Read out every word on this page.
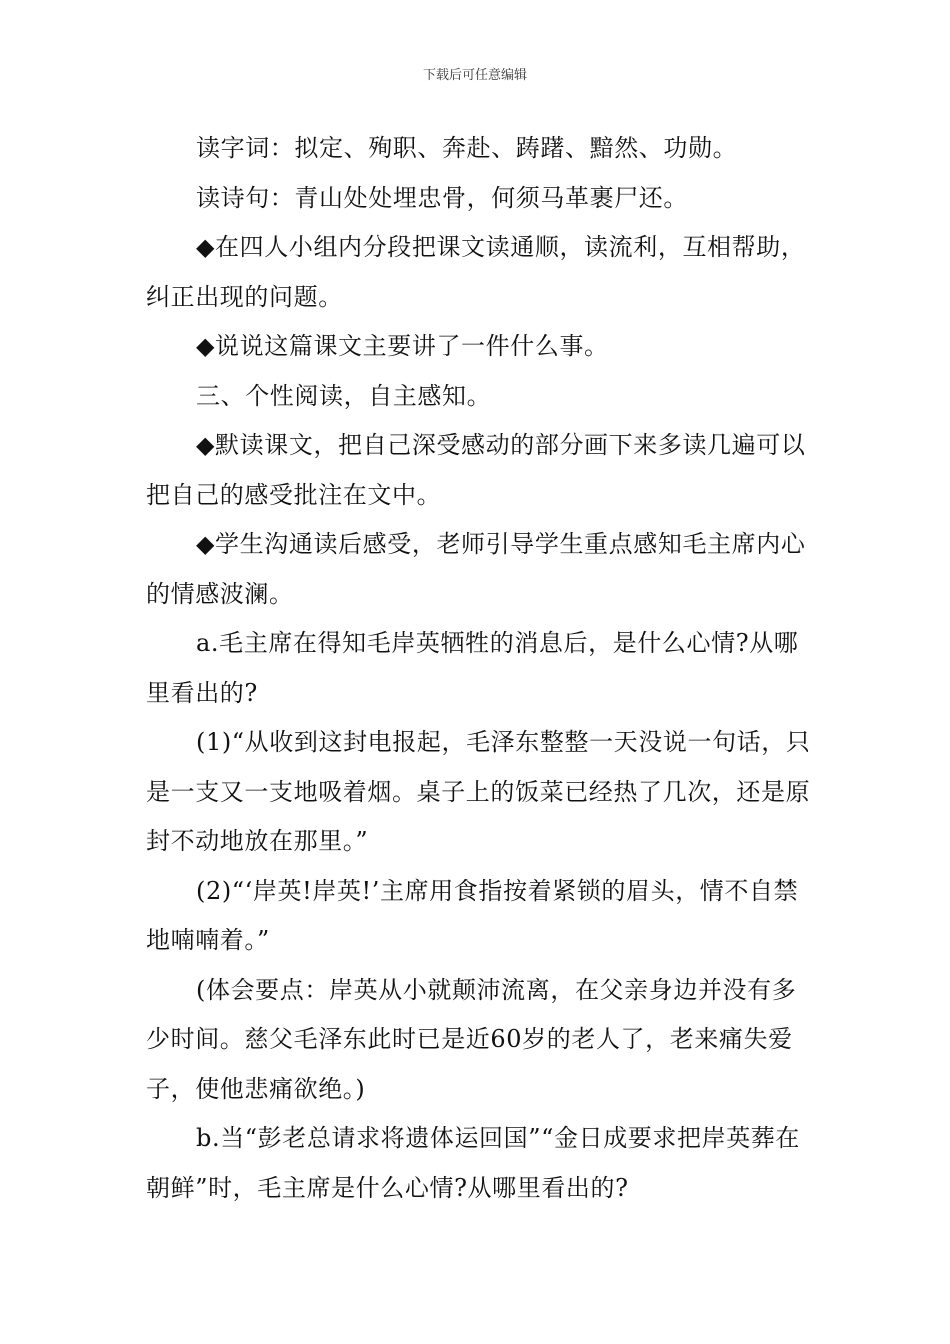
下载后可任意编辑

读字词：拟定、殉职、奔赴、踌躇、黯然、功勋。

读诗句：青山处处埋忠骨，何须马革裹尸还。

◆在四人小组内分段把课文读通顺，读流利，互相帮助，纠正出现的问题。

◆说说这篇课文主要讲了一件什么事。

三、个性阅读，自主感知。

◆默读课文，把自己深受感动的部分画下来多读几遍可以把自己的感受批注在文中。

◆学生沟通读后感受，老师引导学生重点感知毛主席内心的情感波澜。

a.毛主席在得知毛岸英牺牲的消息后，是什么心情?从哪里看出的?

(1)“从收到这封电报起，毛泽东整整一天没说一句话，只是一支又一支地吸着烟。桌子上的饭菜已经热了几次，还是原封不动地放在那里。”

(2)“‘岸英!岸英!’主席用食指按着紧锁的眉头，情不自禁地喃喃着。”

(体会要点：岸英从小就颠沛流离，在父亲身边并没有多少时间。慈父毛泽东此时已是近60岁的老人了，老来痛失爱子，使他悲痛欲绝。)

b.当“彭老总请求将遗体运回国”“金日成要求把岸英葬在朝鲜”时，毛主席是什么心情?从哪里看出的?
